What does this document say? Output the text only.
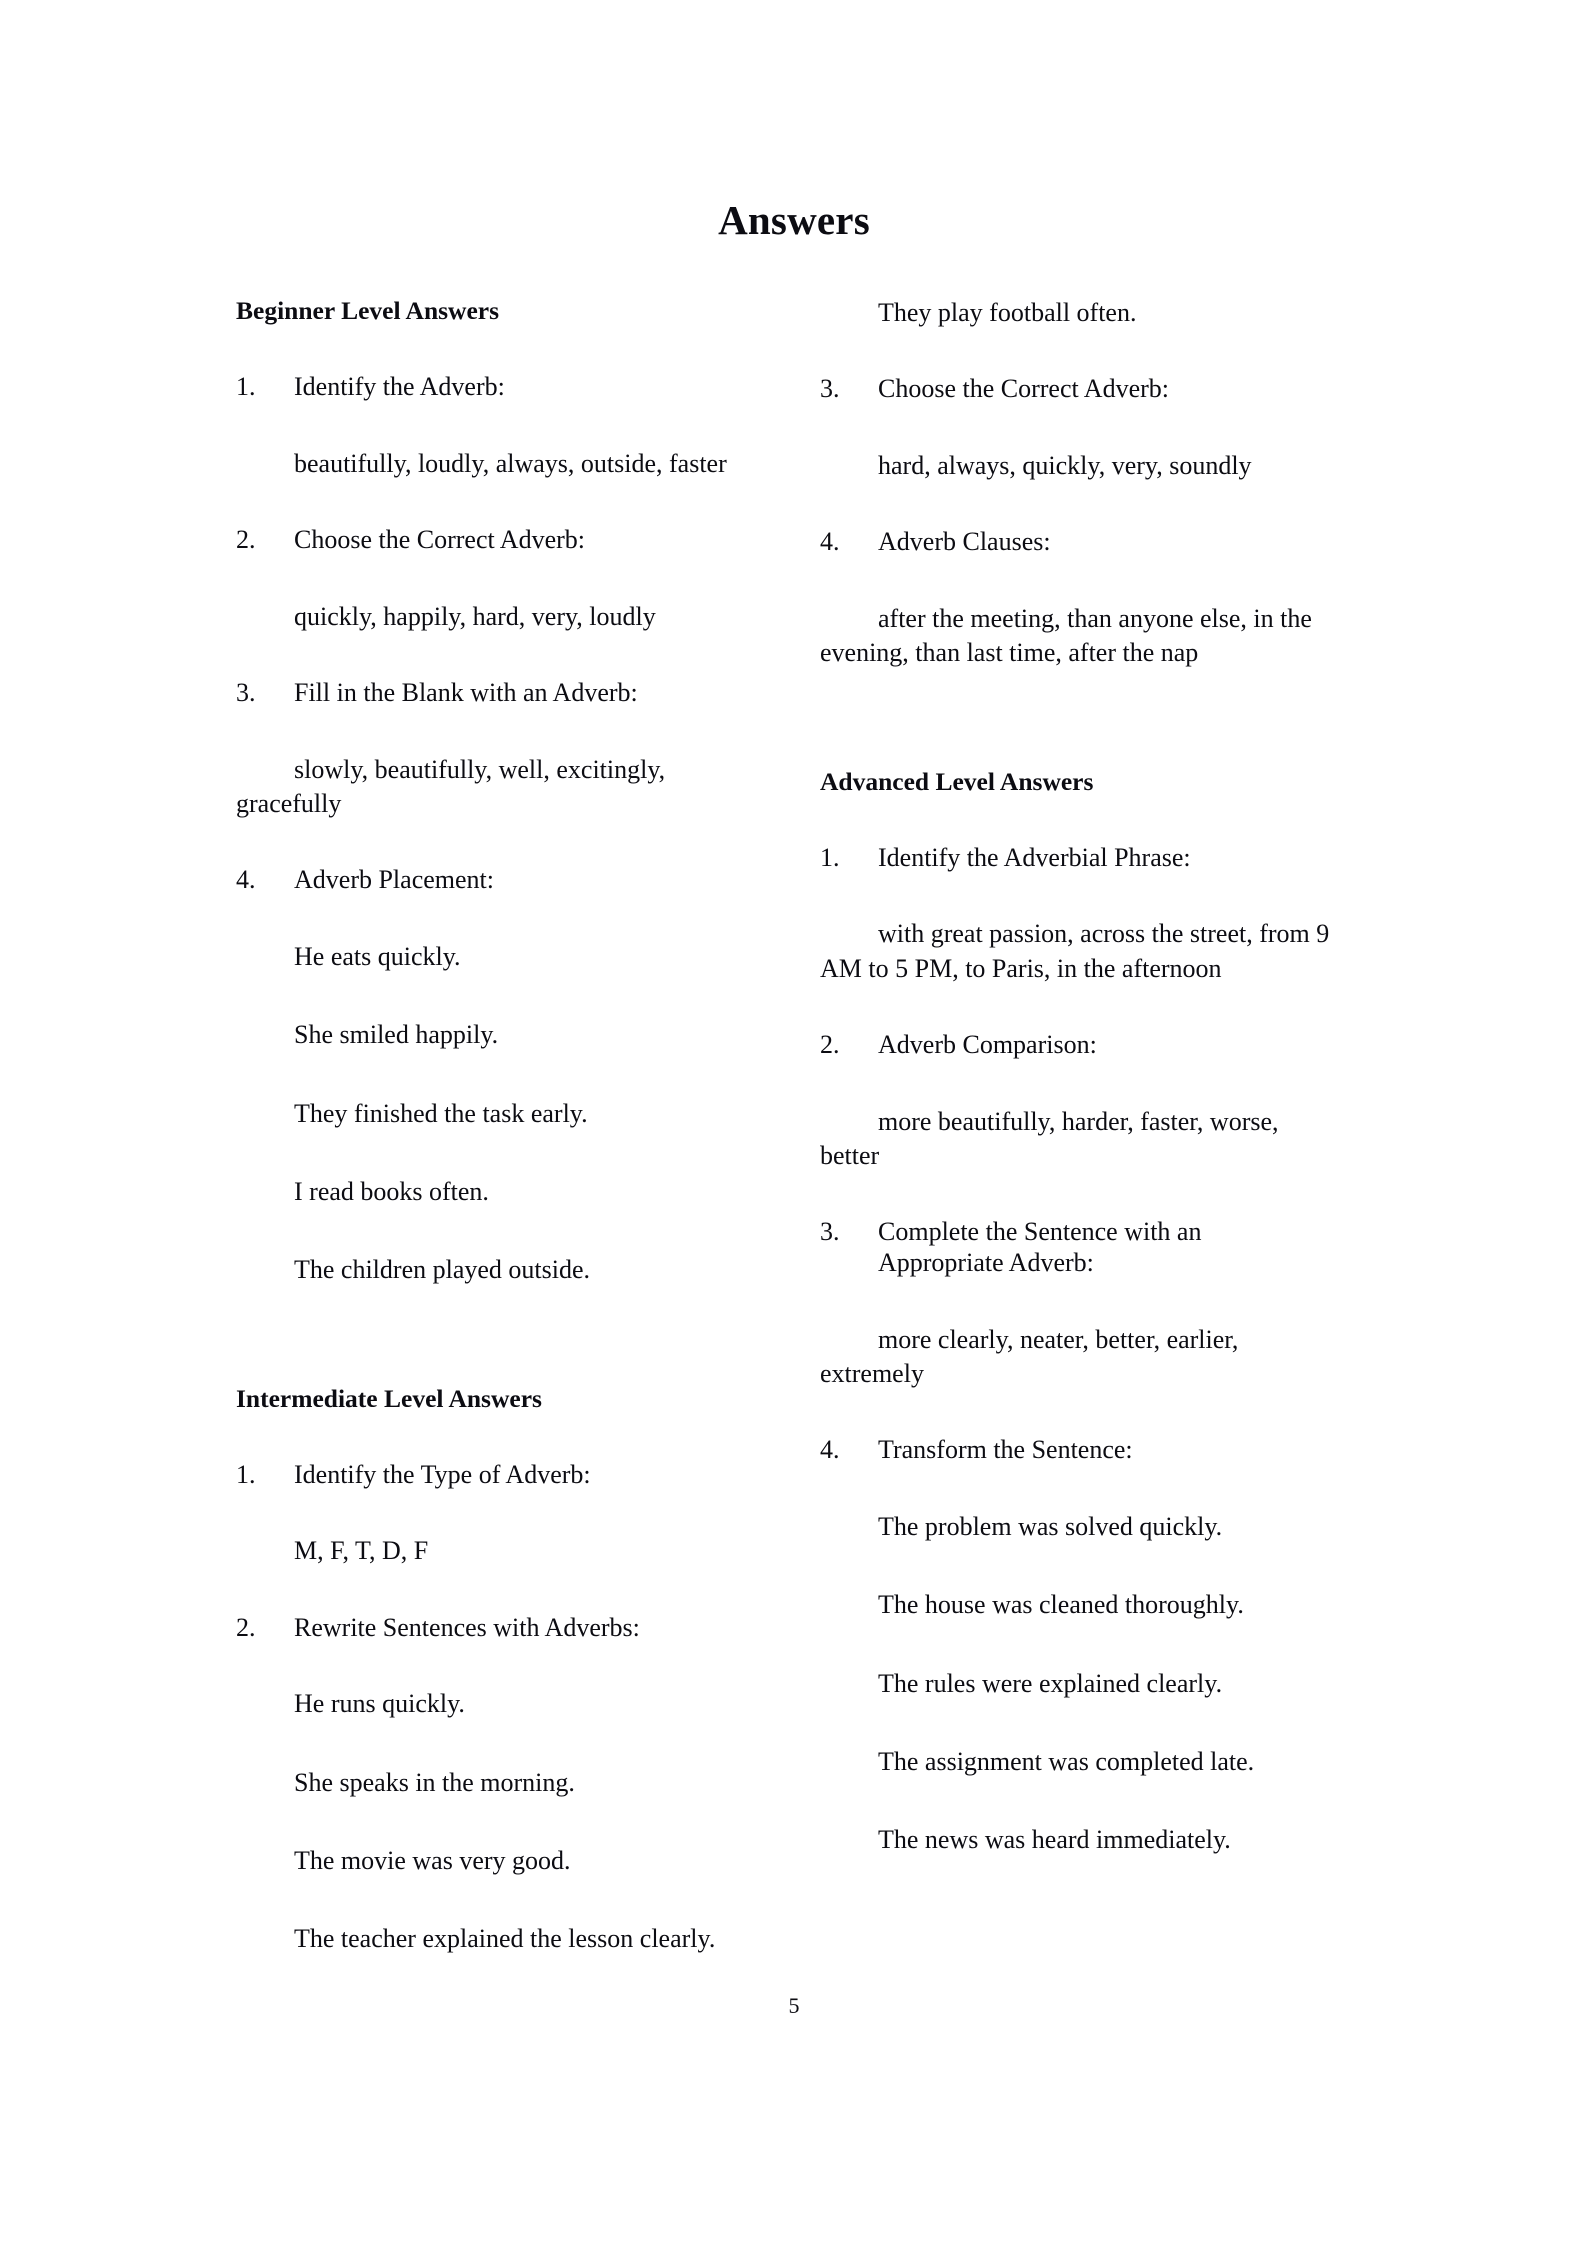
Answers
Beginner Level Answers
1. Identify the Adverb:
beautifully, loudly, always, outside, faster
2. Choose the Correct Adverb:
quickly, happily, hard, very, loudly
3. Fill in the Blank with an Adverb:
slowly, beautifully, well, excitingly, gracefully
4. Adverb Placement:
He eats quickly.
She smiled happily.
They finished the task early.
I read books often.
The children played outside.
Intermediate Level Answers
1. Identify the Type of Adverb:
M, F, T, D, F
2. Rewrite Sentences with Adverbs:
He runs quickly.
She speaks in the morning.
The movie was very good.
The teacher explained the lesson clearly.
They play football often.
3. Choose the Correct Adverb:
hard, always, quickly, very, soundly
4. Adverb Clauses:
after the meeting, than anyone else, in the evening, than last time, after the nap
Advanced Level Answers
1. Identify the Adverbial Phrase:
with great passion, across the street, from 9 AM to 5 PM, to Paris, in the afternoon
2. Adverb Comparison:
more beautifully, harder, faster, worse, better
3. Complete the Sentence with an Appropriate Adverb:
more clearly, neater, better, earlier, extremely
4. Transform the Sentence:
The problem was solved quickly.
The house was cleaned thoroughly.
The rules were explained clearly.
The assignment was completed late.
The news was heard immediately.
5
